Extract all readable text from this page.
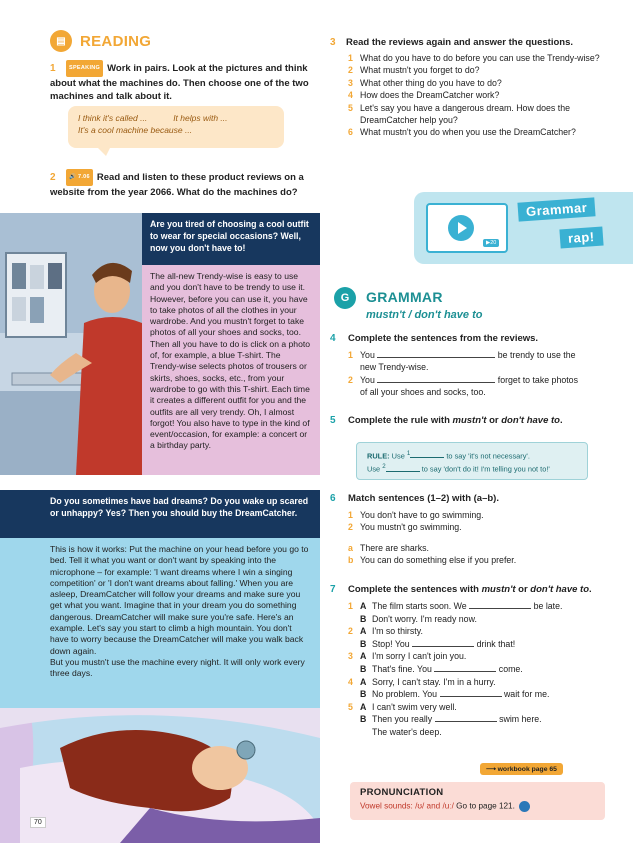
▤ READING
1 SPEAKING Work in pairs. Look at the pictures and think about what the machines do. Then choose one of the two machines and talk about it.
I think it's called ...	It helps with ...
It's a cool machine because ...
2 🔊 7.06 Read and listen to these product reviews on a website from the year 2066. What do the machines do?
Are you tired of choosing a cool outfit to wear for special occasions? Well, now you don't have to!
The all-new Trendy-wise is easy to use and you don't have to be trendy to use it. However, before you can use it, you have to take photos of all the clothes in your wardrobe. And you mustn't forget to take photos of all your shoes and socks, too. Then all you have to do is click on a photo of, for example, a blue T-shirt. The Trendy-wise selects photos of trousers or skirts, shoes, socks, etc., from your wardrobe to go with this T-shirt. Each time it creates a different outfit for you and the outfits are all very trendy. Oh, I almost forgot! You also have to type in the kind of event/occasion, for example: a concert or a birthday party.
Do you sometimes have bad dreams? Do you wake up scared or unhappy? Yes? Then you should buy the DreamCatcher.
This is how it works: Put the machine on your head before you go to bed. Tell it what you want or don't want by speaking into the microphone – for example: 'I want dreams where I win a singing competition' or 'I don't want dreams about falling.' When you are asleep, DreamCatcher will follow your dreams and make sure you get what you want. Imagine that in your dream you do something dangerous. DreamCatcher will make sure you're safe. Here's an example. Let's say you start to climb a high mountain. You don't have to worry because the DreamCatcher will make you walk back down again.
But you mustn't use the machine every night. It will only work every three days.
70
3 Read the reviews again and answer the questions.
1 What do you have to do before you can use the Trendy-wise?
2 What mustn't you forget to do?
3 What other thing do you have to do?
4 How does the DreamCatcher work?
5 Let's say you have a dangerous dream. How does the DreamCatcher help you?
6 What mustn't you do when you use the DreamCatcher?
▶20
Grammar
rap!
G	GRAMMAR
mustn't / don't have to
4 Complete the sentences from the reviews.
1 You	be trendy to use the
new Trendy-wise.
2 You	forget to take photos
of all your shoes and socks, too.
5 Complete the rule with mustn't or don't have to.
RULE: Use $^1$	to say 'it's not necessary'.
Use $^2$	to say 'don't do it! I'm telling you not to!'
6 Match sentences (1–2) with (a–b).
1 You don't have to go swimming.
2 You mustn't go swimming.
a There are sharks.
b You can do something else if you prefer.
7 Complete the sentences with mustn't or don't have to.
1 A The film starts soon. We	be late.
B Don't worry. I'm ready now.
2 A I'm so thirsty.
B Stop! You	drink that!
3 A I'm sorry I can't join you.
B That's fine. You	come.
4 A Sorry, I can't stay. I'm in a hurry.
B No problem. You	wait for me.
5 A I can't swim very well.
B Then you really	swim here.
The water's deep.
⟶ workbook page 65
PRONUNCIATION
Vowel sounds: /ʊ/ and /uː/ Go to page 121.
